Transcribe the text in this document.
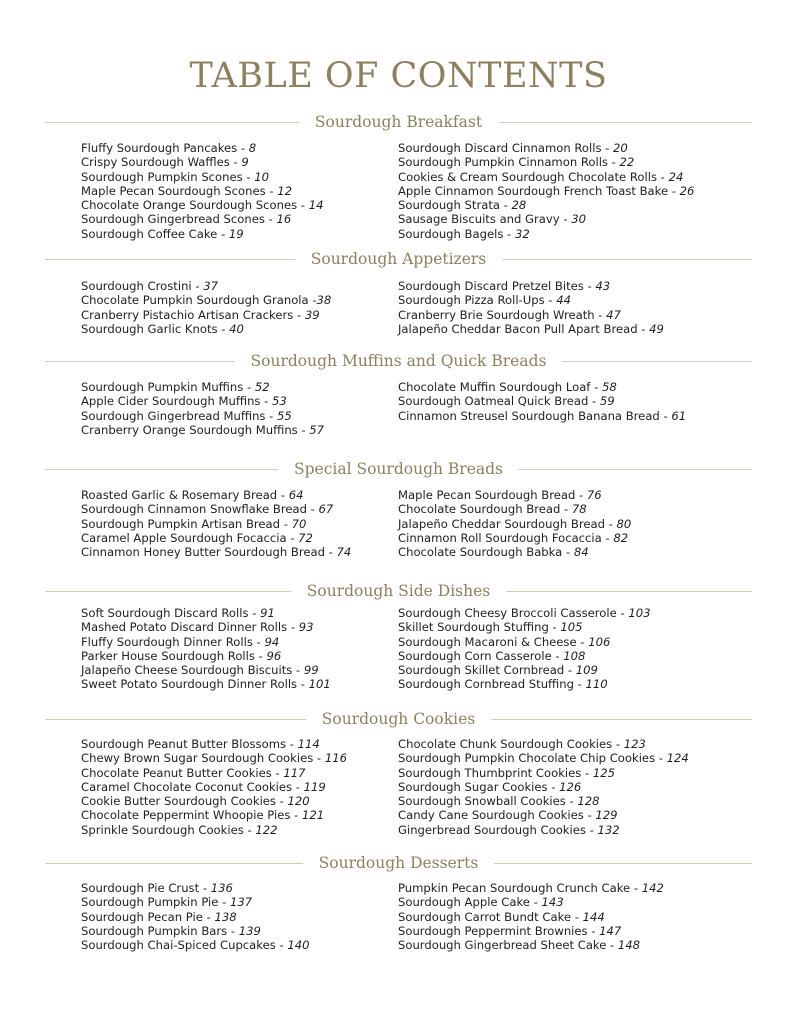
TABLE OF CONTENTS
Sourdough Breakfast
Fluffy Sourdough Pancakes - 8
Crispy Sourdough Waffles - 9
Sourdough Pumpkin Scones - 10
Maple Pecan Sourdough Scones - 12
Chocolate Orange Sourdough Scones - 14
Sourdough Gingerbread Scones - 16
Sourdough Coffee Cake - 19
Sourdough Discard Cinnamon Rolls - 20
Sourdough Pumpkin Cinnamon Rolls - 22
Cookies & Cream Sourdough Chocolate Rolls - 24
Apple Cinnamon Sourdough French Toast Bake - 26
Sourdough Strata - 28
Sausage Biscuits and Gravy - 30
Sourdough Bagels - 32
Sourdough Appetizers
Sourdough Crostini - 37
Chocolate Pumpkin Sourdough Granola -38
Cranberry Pistachio Artisan Crackers - 39
Sourdough Garlic Knots - 40
Sourdough Discard Pretzel Bites - 43
Sourdough Pizza Roll-Ups - 44
Cranberry Brie Sourdough Wreath - 47
Jalapeño Cheddar Bacon Pull Apart Bread - 49
Sourdough Muffins and Quick Breads
Sourdough Pumpkin Muffins - 52
Apple Cider Sourdough Muffins - 53
Sourdough Gingerbread Muffins - 55
Cranberry Orange Sourdough Muffins - 57
Chocolate Muffin Sourdough Loaf - 58
Sourdough Oatmeal Quick Bread - 59
Cinnamon Streusel Sourdough Banana Bread - 61
Special Sourdough Breads
Roasted Garlic & Rosemary Bread - 64
Sourdough Cinnamon Snowflake Bread - 67
Sourdough Pumpkin Artisan Bread - 70
Caramel Apple Sourdough Focaccia - 72
Cinnamon Honey Butter Sourdough Bread - 74
Maple Pecan Sourdough Bread - 76
Chocolate Sourdough Bread - 78
Jalapeño Cheddar Sourdough Bread - 80
Cinnamon Roll Sourdough Focaccia - 82
Chocolate Sourdough Babka - 84
Sourdough Side Dishes
Soft Sourdough Discard Rolls - 91
Mashed Potato Discard Dinner Rolls - 93
Fluffy Sourdough Dinner Rolls - 94
Parker House Sourdough Rolls - 96
Jalapeño Cheese Sourdough Biscuits - 99
Sweet Potato Sourdough Dinner Rolls - 101
Sourdough Cheesy Broccoli Casserole - 103
Skillet Sourdough Stuffing - 105
Sourdough Macaroni & Cheese - 106
Sourdough Corn Casserole - 108
Sourdough Skillet Cornbread - 109
Sourdough Cornbread Stuffing - 110
Sourdough Cookies
Sourdough Peanut Butter Blossoms - 114
Chewy Brown Sugar Sourdough Cookies - 116
Chocolate Peanut Butter Cookies - 117
Caramel Chocolate Coconut Cookies - 119
Cookie Butter Sourdough Cookies - 120
Chocolate Peppermint Whoopie Pies - 121
Sprinkle Sourdough Cookies - 122
Chocolate Chunk Sourdough Cookies - 123
Sourdough Pumpkin Chocolate Chip Cookies - 124
Sourdough Thumbprint Cookies - 125
Sourdough Sugar Cookies - 126
Sourdough Snowball Cookies - 128
Candy Cane Sourdough Cookies - 129
Gingerbread Sourdough Cookies - 132
Sourdough Desserts
Sourdough Pie Crust - 136
Sourdough Pumpkin Pie - 137
Sourdough Pecan Pie - 138
Sourdough Pumpkin Bars - 139
Sourdough Chai-Spiced Cupcakes - 140
Pumpkin Pecan Sourdough Crunch Cake - 142
Sourdough Apple Cake - 143
Sourdough Carrot Bundt Cake - 144
Sourdough Peppermint Brownies - 147
Sourdough Gingerbread Sheet Cake - 148
